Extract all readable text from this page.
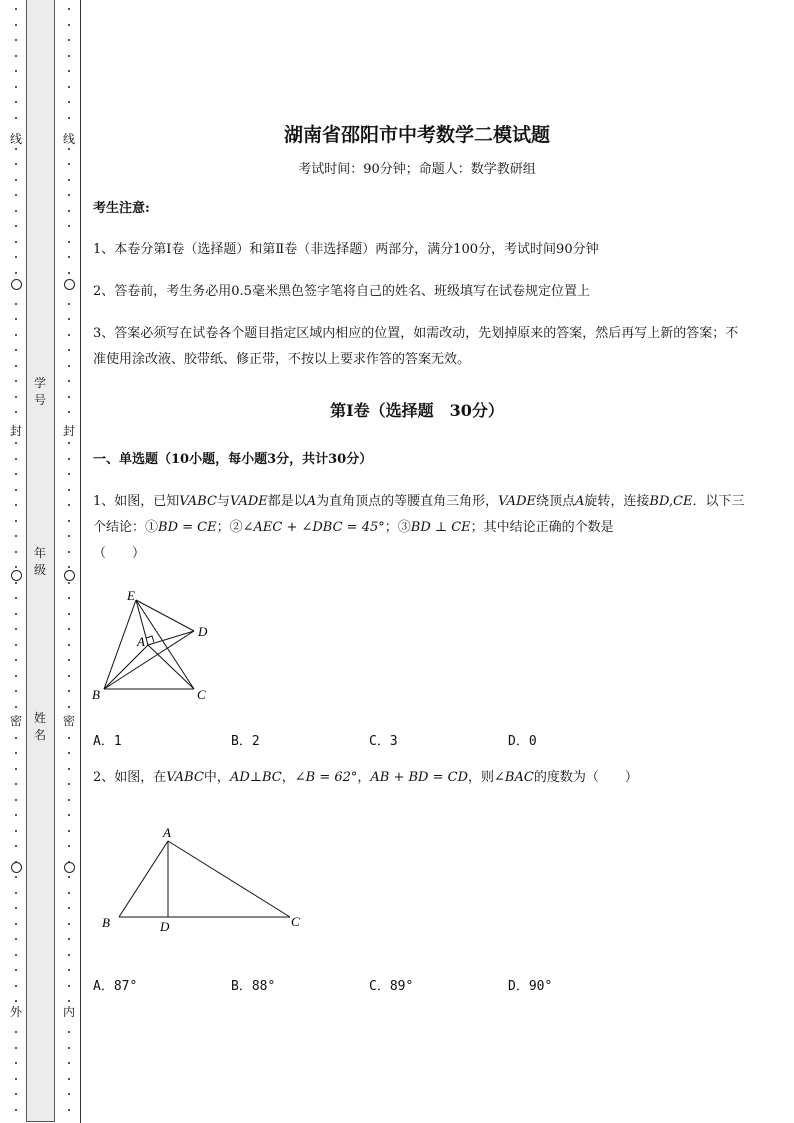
线
封
密
外
学号
年级
姓名
线
封
密
内
湖南省邵阳市中考数学二模试题
考试时间：90分钟；命题人：数学教研组
考生注意:
1、本卷分第I卷（选择题）和第Ⅱ卷（非选择题）两部分，满分100分，考试时间90分钟
2、答卷前，考生务必用0.5毫米黑色签字笔将自己的姓名、班级填写在试卷规定位置上
3、答案必须写在试卷各个题目指定区域内相应的位置，如需改动，先划掉原来的答案，然后再写上新的答案；不准使用涂改液、胶带纸、修正带，不按以上要求作答的答案无效。
第I卷（选择题　30分）
一、单选题（10小题，每小题3分，共计30分）
1、如图，已知VABC与VADE都是以A为直角顶点的等腰直角三角形，VADE绕顶点A旋转，连接BD,CE．以下三个结论：①BD = CE；②∠AEC + ∠DBC = 45°；③BD ⊥ CE；其中结论正确的个数是
（　　）
E
A
D
B	C
A．1	B．2	C．3	D．0
2、如图，在VABC中，AD⊥BC，∠B = 62°，AB + BD = CD，则∠BAC的度数为（　　）
A
B	D	C
A．87°	B．88°	C．89°	D．90°
